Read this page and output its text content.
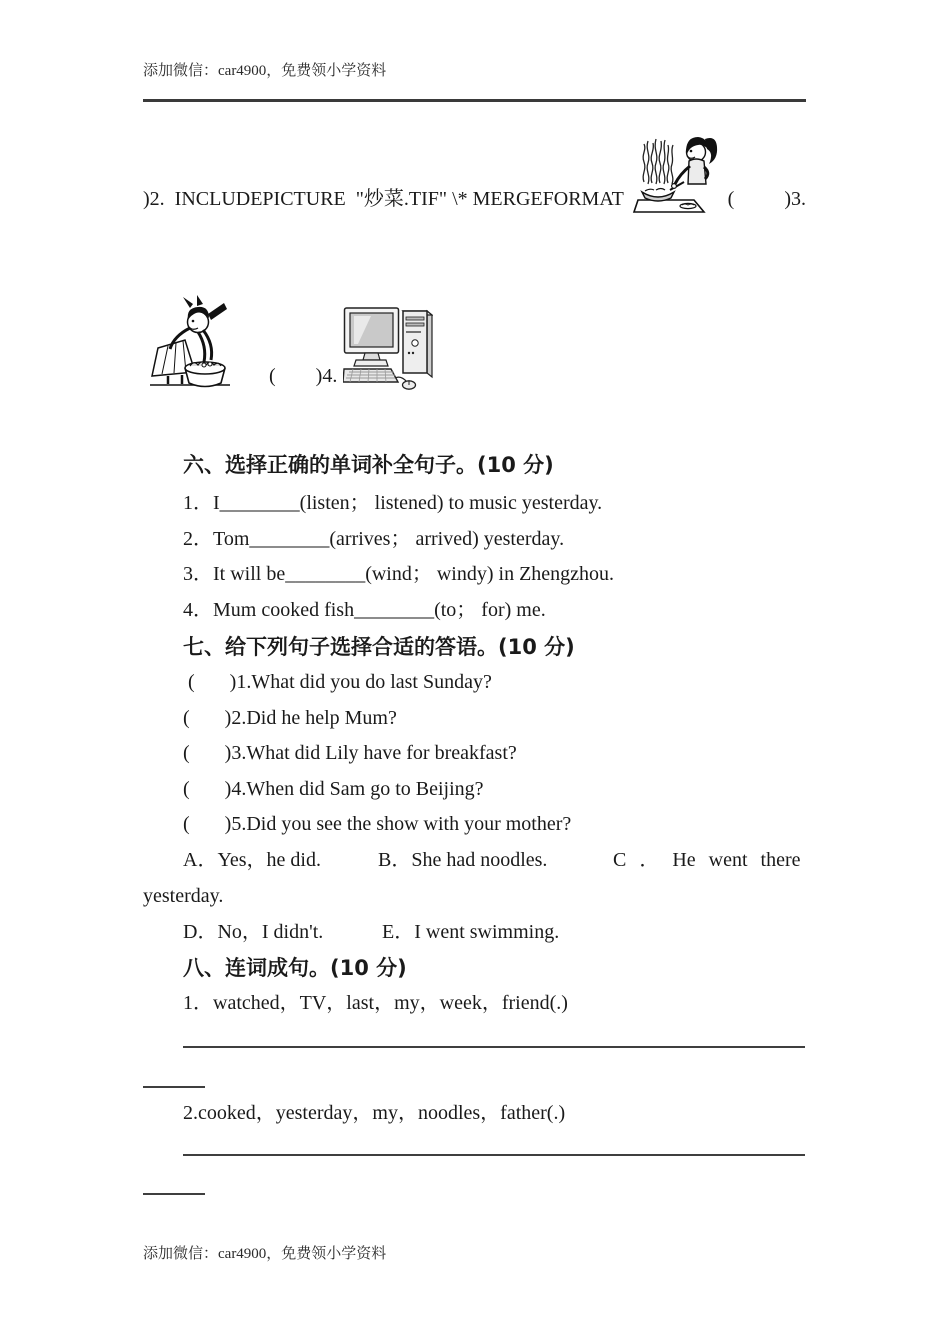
添加微信：car4900，免费领小学资料
)2.  INCLUDEPICTURE  "炒菜.TIF" \* MERGEFORMAT	(          )3.
(        )4.
六、选择正确的单词补全句子。(10 分)
1．I________(listen； listened) to music yesterday.
2．Tom________(arrives； arrived) yesterday.
3．It will be________(wind； windy) in Zhengzhou.
4．Mum cooked fish________(to； for) me.
七、给下列句子选择合适的答语。(10 分)
(       )1.What did you do last Sunday?
(       )2.Did he help Mum?
(       )3.What did Lily have for breakfast?
(       )4.When did Sam go to Beijing?
(       )5.Did you see the show with your mother?

A．Yes，he did.

	B．She had noodles.

	C ． He went there

yesterday.

D．No，I didn't.

	E．I went swimming.

八、连词成句。(10 分)
1．watched，TV，last，my，week，friend(.)
2.cooked，yesterday，my，noodles，father(.)
添加微信：car4900，免费领小学资料
